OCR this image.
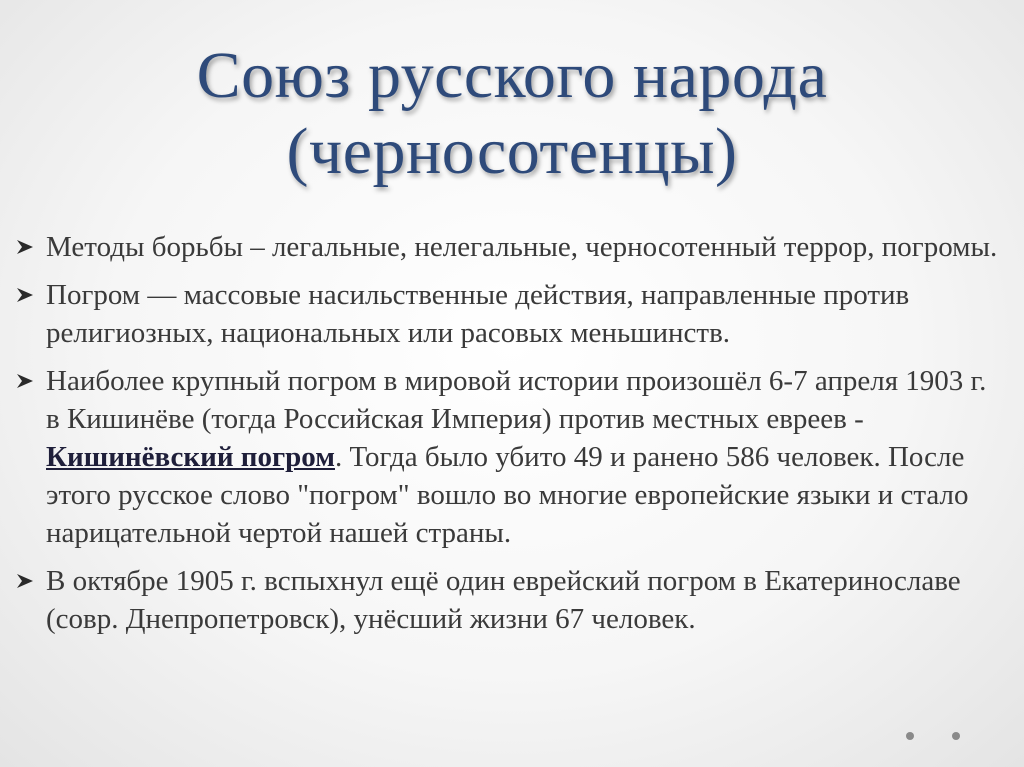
Союз русского народа
(черносотенцы)
Методы борьбы – легальные, нелегальные, черносотенный террор, погромы.
Погром — массовые насильственные действия, направленные против религиозных, национальных или расовых меньшинств.
Наиболее крупный погром в мировой истории произошёл 6-7 апреля 1903 г. в Кишинёве (тогда Российская Империя) против местных евреев - Кишинёвский погром. Тогда было убито 49 и ранено 586 человек. После этого русское слово "погром" вошло во многие европейские языки и стало нарицательной чертой нашей страны.
В октябре 1905 г. вспыхнул ещё один еврейский погром в Екатеринославе (совр. Днепропетровск), унёсший жизни 67 человек.
